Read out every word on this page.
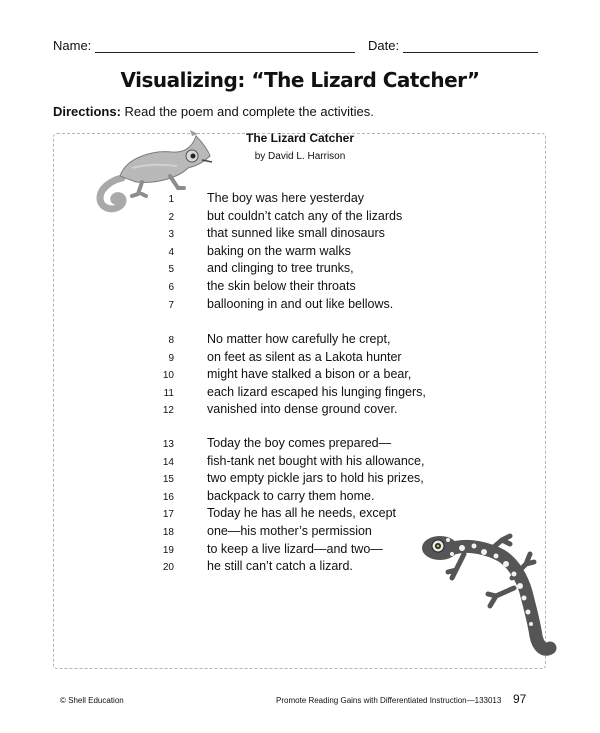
Name:	Date:
Visualizing: “The Lizard Catcher”
Directions: Read the poem and complete the activities.
The Lizard Catcher
by David L. Harrison
1	The boy was here yesterday
2	but couldn’t catch any of the lizards
3	that sunned like small dinosaurs
4	baking on the warm walks
5	and clinging to tree trunks,
6	the skin below their throats
7	ballooning in and out like bellows.
8	No matter how carefully he crept,
9	on feet as silent as a Lakota hunter
10	might have stalked a bison or a bear,
11	each lizard escaped his lunging fingers,
12	vanished into dense ground cover.
13	Today the boy comes prepared—
14	fish-tank net bought with his allowance,
15	two empty pickle jars to hold his prizes,
16	backpack to carry them home.
17	Today he has all he needs, except
18	one—his mother’s permission
19	to keep a live lizard—and two—
20	he still can’t catch a lizard.
© Shell Education	Promote Reading Gains with Differentiated Instruction—133013 97
